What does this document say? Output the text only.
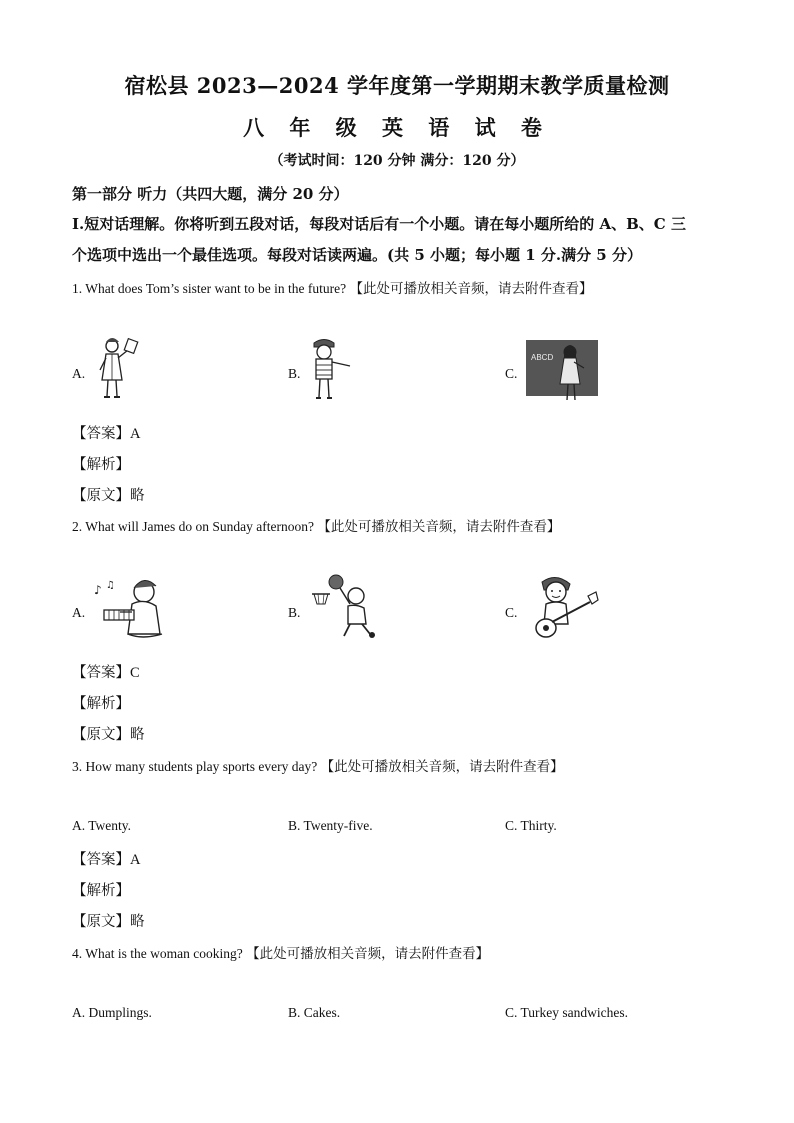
宿松县 2023—2024 学年度第一学期期末教学质量检测
八 年 级 英 语 试 卷
（考试时间：120 分钟 满分：120 分）
第一部分 听力（共四大题，满分 20 分）
I.短对话理解。你将听到五段对话，每段对话后有一个小题。请在每小题所给的 A、B、C 三
个选项中选出一个最佳选项。每段对话读两遍。(共 5 小题；每小题 1 分.满分 5 分）
1. What does Tom’s sister want to be in the future? 【此处可播放相关音频，请去附件查看】
A.	B.	C.
ABCD
【答案】A
【解析】
【原文】略
2. What will James do on Sunday afternoon? 【此处可播放相关音频，请去附件查看】
A.
♪ ♫
B.	C.
【答案】C
【解析】
【原文】略
3. How many students play sports every day? 【此处可播放相关音频，请去附件查看】
A. Twenty.	B. Twenty-five.	C. Thirty.
【答案】A
【解析】
【原文】略
4. What is the woman cooking? 【此处可播放相关音频，请去附件查看】
A. Dumplings.	B. Cakes.	C. Turkey sandwiches.
